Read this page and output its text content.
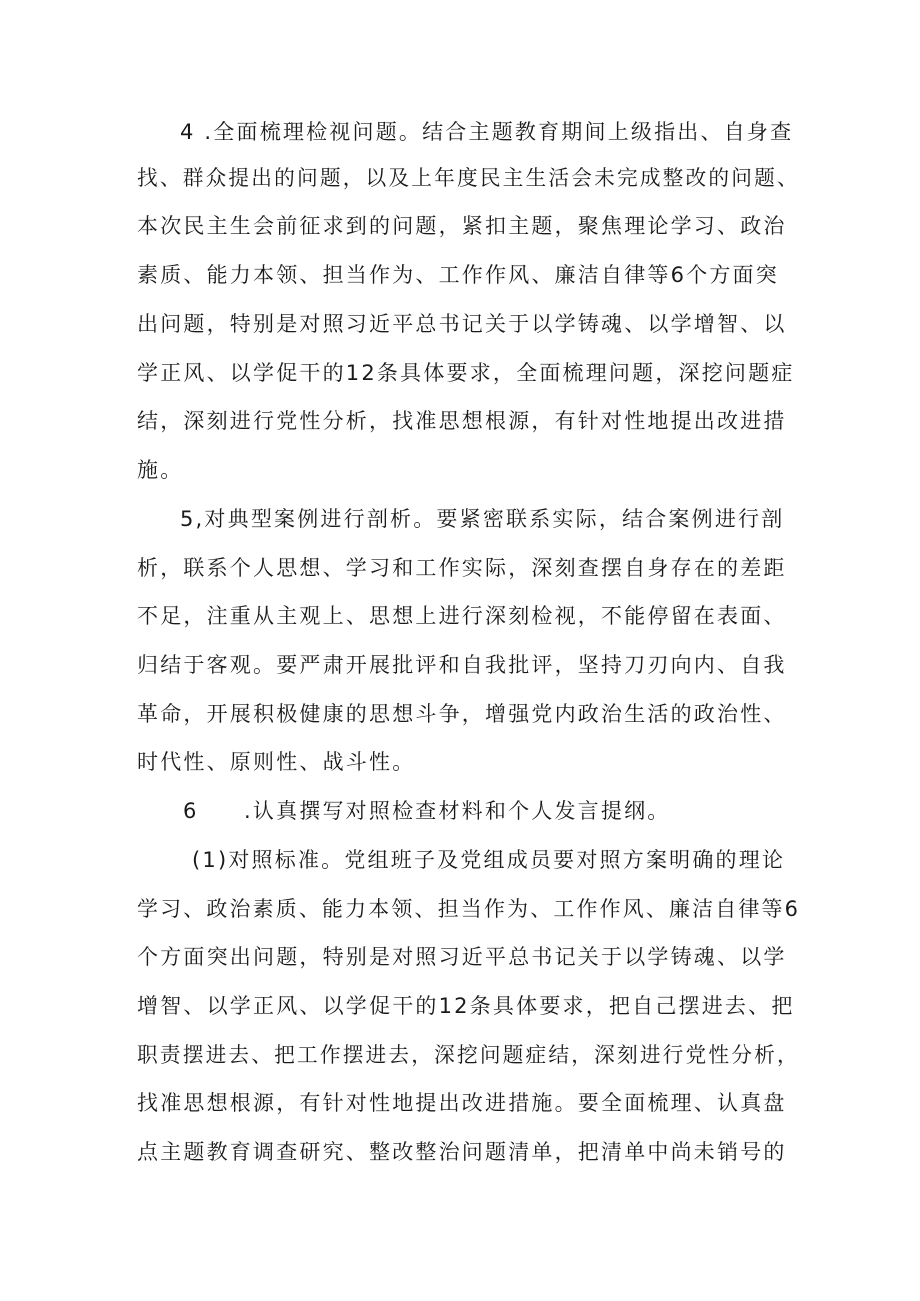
4 .全面梳理检视问题。结合主题教育期间上级指出、自身查
找、群众提出的问题，以及上年度民主生活会未完成整改的问题、
本次民主生会前征求到的问题，紧扣主题，聚焦理论学习、政治
素质、能力本领、担当作为、工作作风、廉洁自律等6个方面突
出问题，特别是对照习近平总书记关于以学铸魂、以学增智、以
学正风、以学促干的12条具体要求，全面梳理问题，深挖问题症
结，深刻进行党性分析，找准思想根源，有针对性地提出改进措
施。
5,对典型案例进行剖析。要紧密联系实际，结合案例进行剖
析，联系个人思想、学习和工作实际，深刻查摆自身存在的差距
不足，注重从主观上、思想上进行深刻检视，不能停留在表面、
归结于客观。要严肃开展批评和自我批评，坚持刀刃向内、自我
革命，开展积极健康的思想斗争，增强党内政治生活的政治性、
时代性、原则性、战斗性。
6 .认真撰写对照检查材料和个人发言提纲。
(1)对照标准。党组班子及党组成员要对照方案明确的理论
学习、政治素质、能力本领、担当作为、工作作风、廉洁自律等6
个方面突出问题，特别是对照习近平总书记关于以学铸魂、以学
增智、以学正风、以学促干的12条具体要求，把自己摆进去、把
职责摆进去、把工作摆进去，深挖问题症结，深刻进行党性分析，
找准思想根源，有针对性地提出改进措施。要全面梳理、认真盘
点主题教育调查研究、整改整治问题清单，把清单中尚未销号的
